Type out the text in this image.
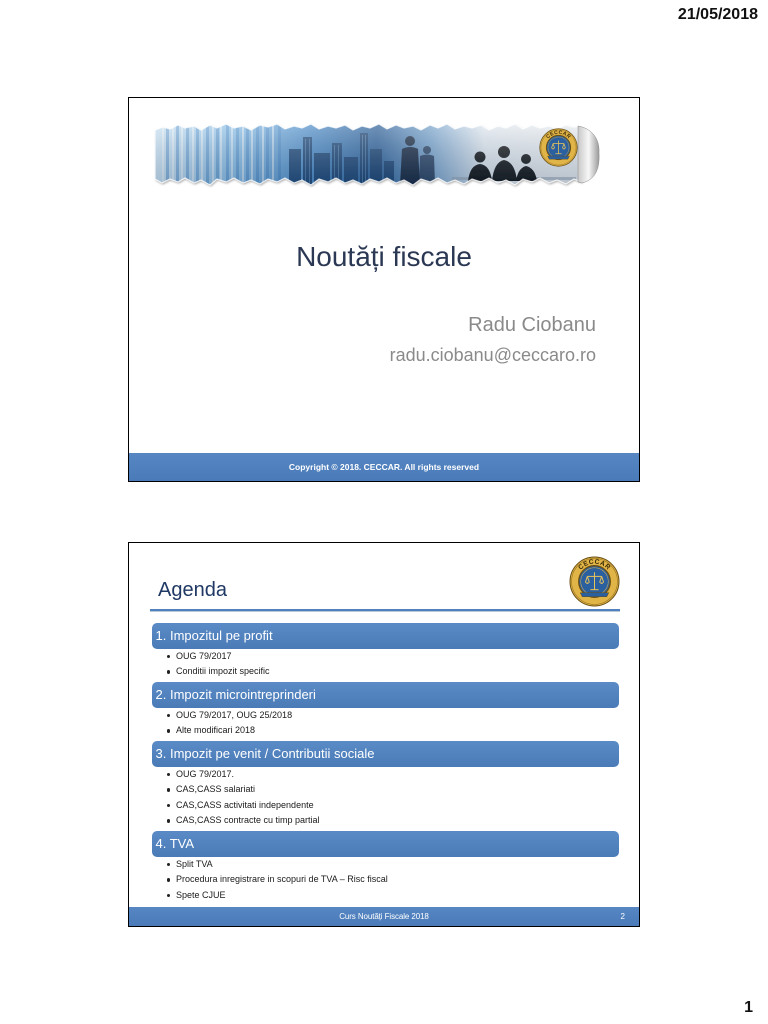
21/05/2018
CECCAR
Noutăți fiscale
Radu Ciobanu
radu.ciobanu@ceccaro.ro
Copyright © 2018. CECCAR. All rights reserved
Agenda
CECCAR
1. Impozitul pe profit
OUG 79/2017
Conditii impozit specific
2. Impozit microintreprinderi
OUG 79/2017, OUG 25/2018
Alte modificari 2018
3. Impozit pe venit / Contributii sociale
OUG 79/2017.
CAS,CASS salariati
CAS,CASS activitati independente
CAS,CASS contracte cu timp partial
4. TVA
Split TVA
Procedura inregistrare in scopuri de TVA – Risc fiscal
Spete CJUE
Curs Noutăți Fiscale 2018	2
1
